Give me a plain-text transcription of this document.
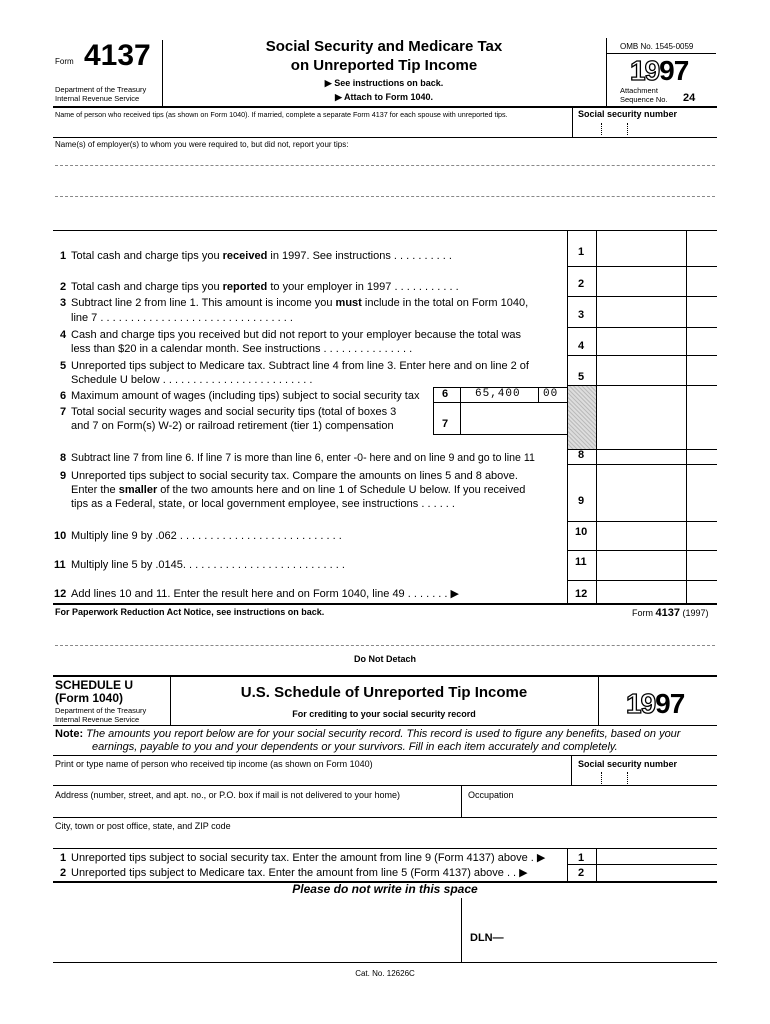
Form 4137
Department of the Treasury
Internal Revenue Service
Social Security and Medicare Tax
on Unreported Tip Income
▶ See instructions on back.
▶ Attach to Form 1040.
OMB No. 1545-0059
1997
Attachment
Sequence No. 24
Name of person who received tips (as shown on Form 1040). If married, complete a separate Form 4137 for each spouse with unreported tips.	Social security number
Name(s) of employer(s) to whom you were required to, but did not, report your tips:
1 Total cash and charge tips you received in 1997. See instructions . . . . . . . . . .	1
2 Total cash and charge tips you reported to your employer in 1997 . . . . . . . . . . .	2
3 Subtract line 2 from line 1. This amount is income you must include in the total on Form 1040,
line 7 . . . . . . . . . . . . . . . . . . . . . . . . . . . . . . . .	3
4 Cash and charge tips you received but did not report to your employer because the total was
less than $20 in a calendar month. See instructions . . . . . . . . . . . . . . .	4
5 Unreported tips subject to Medicare tax. Subtract line 4 from line 3. Enter here and on line 2 of
Schedule U below . . . . . . . . . . . . . . . . . . . . . . . . .	5
6 Maximum amount of wages (including tips) subject to social security tax 6 65,400 00
7 Total social security wages and social security tips (total of boxes 3
and 7 on Form(s) W-2) or railroad retirement (tier 1) compensation	7
8 Subtract line 7 from line 6. If line 7 is more than line 6, enter -0- here and on line 9 and go to line 11	8
9 Unreported tips subject to social security tax. Compare the amounts on lines 5 and 8 above.
Enter the smaller of the two amounts here and on line 1 of Schedule U below. If you received
tips as a Federal, state, or local government employee, see instructions . . . . . .	9
10 Multiply line 9 by .062 . . . . . . . . . . . . . . . . . . . . . . . . . . .	10
11 Multiply line 5 by .0145. . . . . . . . . . . . . . . . . . . . . . . . . . .	11
12 Add lines 10 and 11. Enter the result here and on Form 1040, line 49 . . . . . . . ▶	12
For Paperwork Reduction Act Notice, see instructions on back.	Form 4137 (1997)
Do Not Detach
SCHEDULE U
(Form 1040)
Department of the Treasury
Internal Revenue Service
U.S. Schedule of Unreported Tip Income
For crediting to your social security record	1997
Note: The amounts you report below are for your social security record. This record is used to figure any benefits, based on your
earnings, payable to you and your dependents or your survivors. Fill in each item accurately and completely.
Print or type name of person who received tip income (as shown on Form 1040)	Social security number
Address (number, street, and apt. no., or P.O. box if mail is not delivered to your home)	Occupation
City, town or post office, state, and ZIP code
1 Unreported tips subject to social security tax. Enter the amount from line 9 (Form 4137) above . ▶	1
2 Unreported tips subject to Medicare tax. Enter the amount from line 5 (Form 4137) above . . ▶	2
Please do not write in this space
DLN—
Cat. No. 12626C
